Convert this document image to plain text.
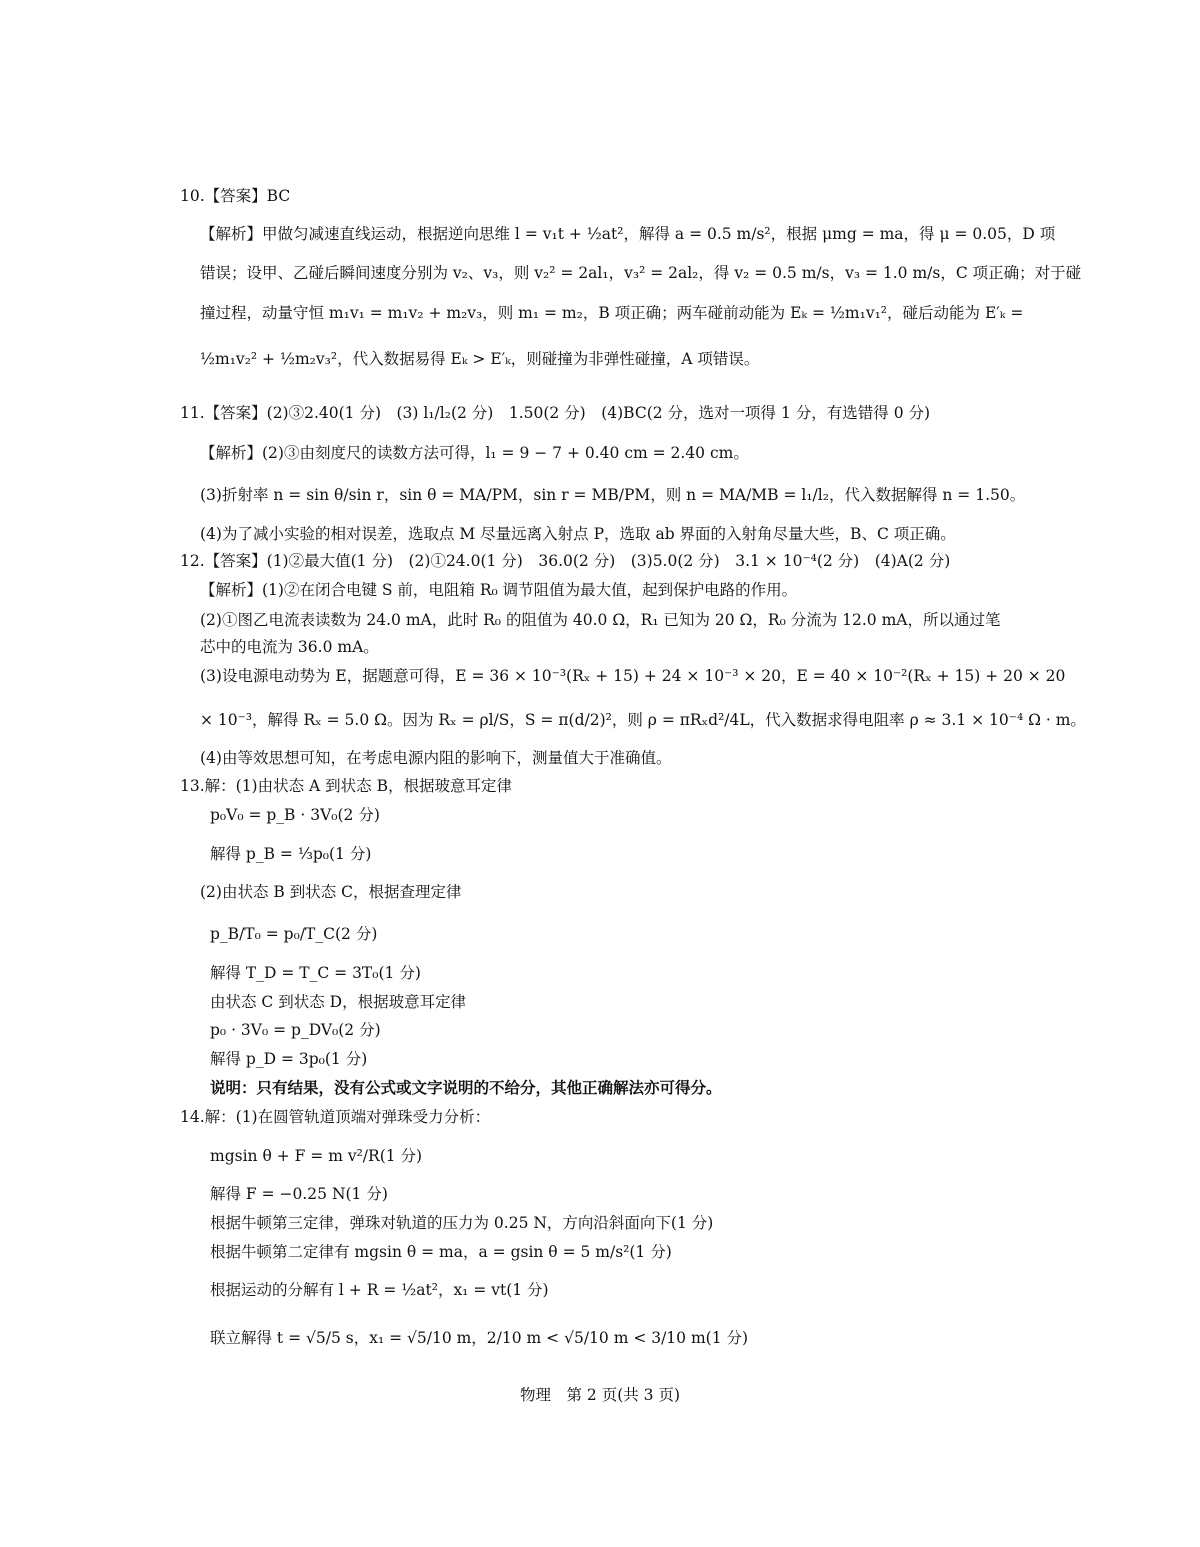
10.【答案】BC
【解析】甲做匀减速直线运动，根据逆向思维 l = v₁t + ½at²，解得 a = 0.5 m/s²，根据 μmg = ma，得 μ = 0.05，D 项
错误；设甲、乙碰后瞬间速度分别为 v₂、v₃，则 v₂² = 2al₁，v₃² = 2al₂，得 v₂ = 0.5 m/s，v₃ = 1.0 m/s，C 项正确；对于碰
撞过程，动量守恒 m₁v₁ = m₁v₂ + m₂v₃，则 m₁ = m₂，B 项正确；两车碰前动能为 Eₖ = ½m₁v₁²，碰后动能为 E′ₖ =
½m₁v₂² + ½m₂v₃²，代入数据易得 Eₖ > E′ₖ，则碰撞为非弹性碰撞，A 项错误。
11.【答案】(2)③2.40(1 分)　(3) l₁/l₂(2 分)　1.50(2 分)　(4)BC(2 分，选对一项得 1 分，有选错得 0 分)
【解析】(2)③由刻度尺的读数方法可得，l₁ = 9 − 7 + 0.40 cm = 2.40 cm。
(3)折射率 n = sin θ/sin r，sin θ = MA/PM，sin r = MB/PM，则 n = MA/MB = l₁/l₂，代入数据解得 n = 1.50。
(4)为了减小实验的相对误差，选取点 M 尽量远离入射点 P，选取 ab 界面的入射角尽量大些，B、C 项正确。
12.【答案】(1)②最大值(1 分)　(2)①24.0(1 分)　36.0(2 分)　(3)5.0(2 分)　3.1 × 10⁻⁴(2 分)　(4)A(2 分)
【解析】(1)②在闭合电键 S 前，电阻箱 R₀ 调节阻值为最大值，起到保护电路的作用。
(2)①图乙电流表读数为 24.0 mA，此时 R₀ 的阻值为 40.0 Ω，R₁ 已知为 20 Ω，R₀ 分流为 12.0 mA，所以通过笔
芯中的电流为 36.0 mA。
(3)设电源电动势为 E，据题意可得，E = 36 × 10⁻³(Rₓ + 15) + 24 × 10⁻³ × 20，E = 40 × 10⁻²(Rₓ + 15) + 20 × 20
× 10⁻³，解得 Rₓ = 5.0 Ω。因为 Rₓ = ρl/S，S = π(d/2)²，则 ρ = πRₓd²/4L，代入数据求得电阻率 ρ ≈ 3.1 × 10⁻⁴ Ω · m。
(4)由等效思想可知，在考虑电源内阻的影响下，测量值大于准确值。
13.解：(1)由状态 A 到状态 B，根据玻意耳定律
p₀V₀ = p_B · 3V₀(2 分)
解得 p_B = ⅓p₀(1 分)
(2)由状态 B 到状态 C，根据查理定律
p_B/T₀ = p₀/T_C(2 分)
解得 T_D = T_C = 3T₀(1 分)
由状态 C 到状态 D，根据玻意耳定律
p₀ · 3V₀ = p_DV₀(2 分)
解得 p_D = 3p₀(1 分)
说明：只有结果，没有公式或文字说明的不给分，其他正确解法亦可得分。
14.解：(1)在圆管轨道顶端对弹珠受力分析：
mgsin θ + F = m v²/R(1 分)
解得 F = −0.25 N(1 分)
根据牛顿第三定律，弹珠对轨道的压力为 0.25 N，方向沿斜面向下(1 分)
根据牛顿第二定律有 mgsin θ = ma，a = gsin θ = 5 m/s²(1 分)
根据运动的分解有 l + R = ½at²，x₁ = vt(1 分)
联立解得 t = √5/5 s，x₁ = √5/10 m，2/10 m < √5/10 m < 3/10 m(1 分)
物理　第 2 页(共 3 页)
